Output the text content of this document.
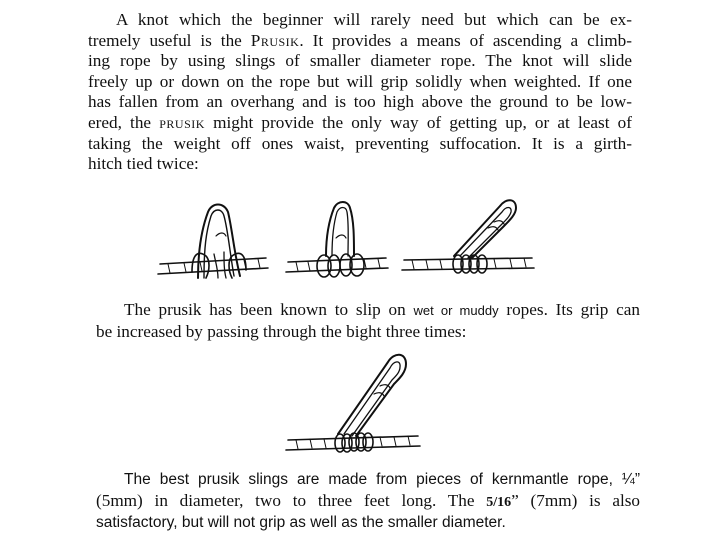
A knot which the beginner will rarely need but which can be ex-
tremely useful is the Prusik. It provides a means of ascending a climb-
ing rope by using slings of smaller diameter rope. The knot will slide
freely up or down on the rope but will grip solidly when weighted. If one
has fallen from an overhang and is too high above the ground to be low-
ered, the prusik might provide the only way of getting up, or at least of
taking the weight off ones waist, preventing suffocation. It is a girth-
hitch tied twice:
The prusik has been known to slip on wet or muddy ropes. Its grip can
be increased by passing through the bight three times:
The best prusik slings are made from pieces of kernmantle rope, ¼”
(5mm) in diameter, two to three feet long. The 5/16” (7mm) is also
satisfactory, but will not grip as well as the smaller diameter.
